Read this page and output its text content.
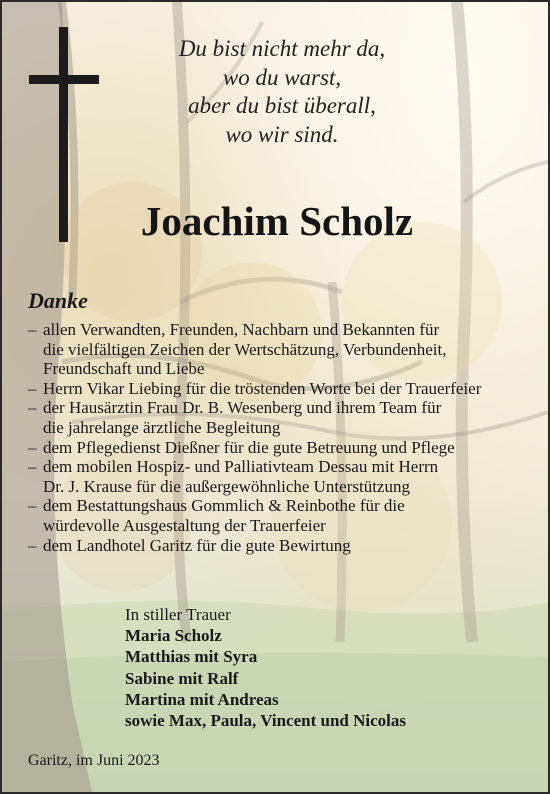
Du bist nicht mehr da,
wo du warst,
aber du bist überall,
wo wir sind.
Joachim Scholz
Danke
– allen Verwandten, Freunden, Nachbarn und Bekannten für
die vielfältigen Zeichen der Wertschätzung, Verbundenheit,
Freundschaft und Liebe
– Herrn Vikar Liebing für die tröstenden Worte bei der Trauerfeier
– der Hausärztin Frau Dr. B. Wesenberg und ihrem Team für
die jahrelange ärztliche Begleitung
– dem Pflegedienst Dießner für die gute Betreuung und Pflege
– dem mobilen Hospiz- und Palliativteam Dessau mit Herrn
Dr. J. Krause für die außergewöhnliche Unterstützung
– dem Bestattungshaus Gommlich & Reinbothe für die
würdevolle Ausgestaltung der Trauerfeier
– dem Landhotel Garitz für die gute Bewirtung
In stiller Trauer
Maria Scholz
Matthias mit Syra
Sabine mit Ralf
Martina mit Andreas
sowie Max, Paula, Vincent und Nicolas
Garitz, im Juni 2023
